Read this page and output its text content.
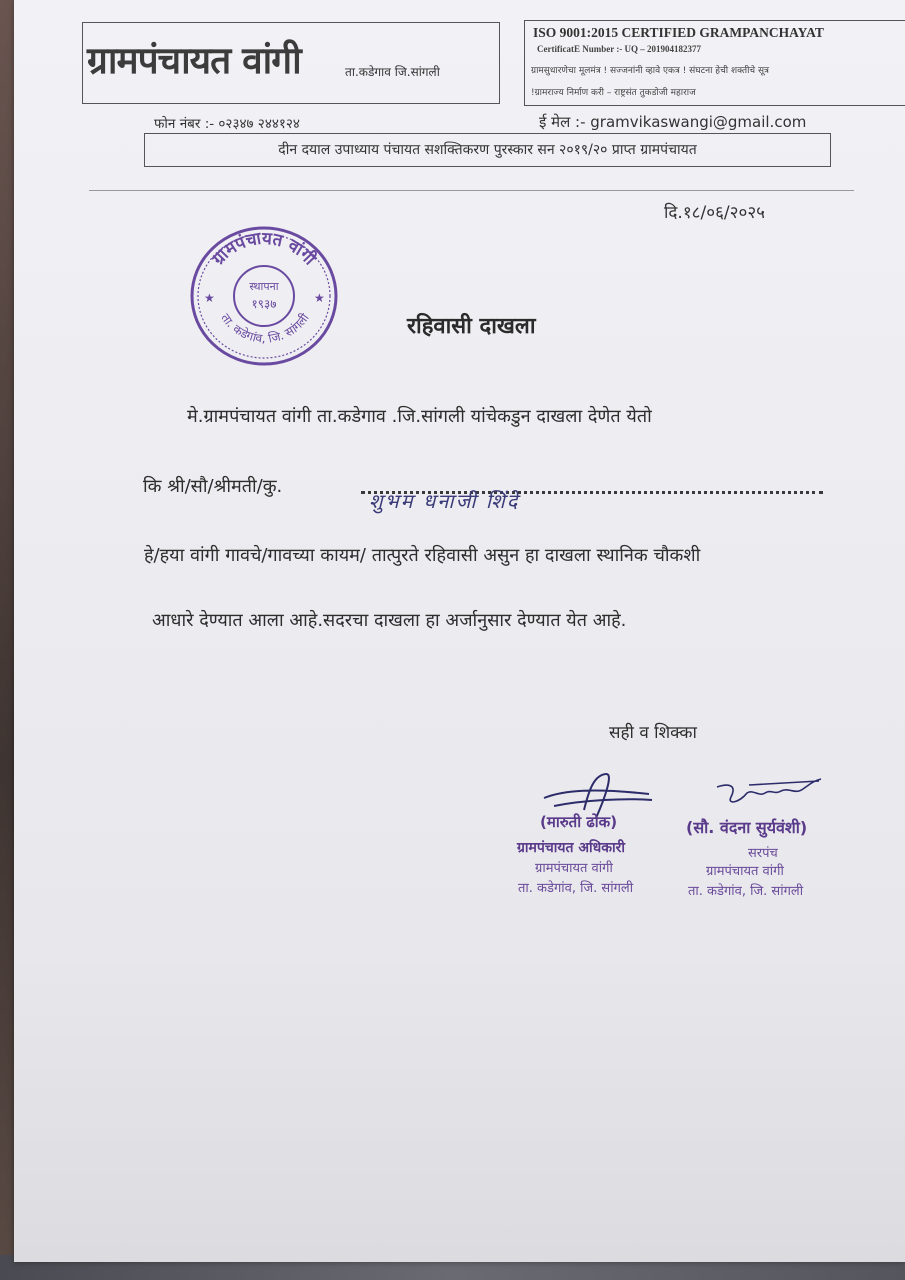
ग्रामपंचायत वांगी	ता.कडेगाव जि.सांगली
ISO 9001:2015 CERTIFIED GRAMPANCHAYAT
CertificatE Number :- UQ – 201904182377
ग्रामसुधारणेचा मूलमंत्र ! सज्जनांनी व्हावे एकत्र ! संघटना हेची शक्तीचे सूत्र
!ग्रामराज्य निर्माण करी – राष्ट्रसंत तुकडोजी महाराज
फोन नंबर :- ०२३४७ २४४१२४	ई मेल :- gramvikaswangi@gmail.com
दीन दयाल उपाध्याय पंचायत सशक्तिकरण पुरस्कार सन २०१९/२० प्राप्त ग्रामपंचायत
दि.१८/०६/२०२५
ग्रामपंचायत वांगी
ता. कडेगांव, जि. सांगली
स्थापना
१९३७
★	★
रहिवासी दाखला
मे.ग्रामपंचायत वांगी ता.कडेगाव .जि.सांगली यांचेकडुन दाखला देणेत येतो
कि श्री/सौ/श्रीमती/कु.
शुभम धनाजी शिंदे
हे/हया वांगी गावचे/गावच्या कायम/ तात्पुरते रहिवासी असुन हा दाखला स्थानिक चौकशी
आधारे देण्यात आला आहे.सदरचा दाखला हा अर्जानुसार देण्यात येत आहे.
सही व शिक्का
(मारुती ढोक)
ग्रामपंचायत अधिकारी
ग्रामपंचायत वांगी
ता. कडेगांव, जि. सांगली
(सौ. वंदना सुर्यवंशी)
सरपंच
ग्रामपंचायत वांगी
ता. कडेगांव, जि. सांगली
